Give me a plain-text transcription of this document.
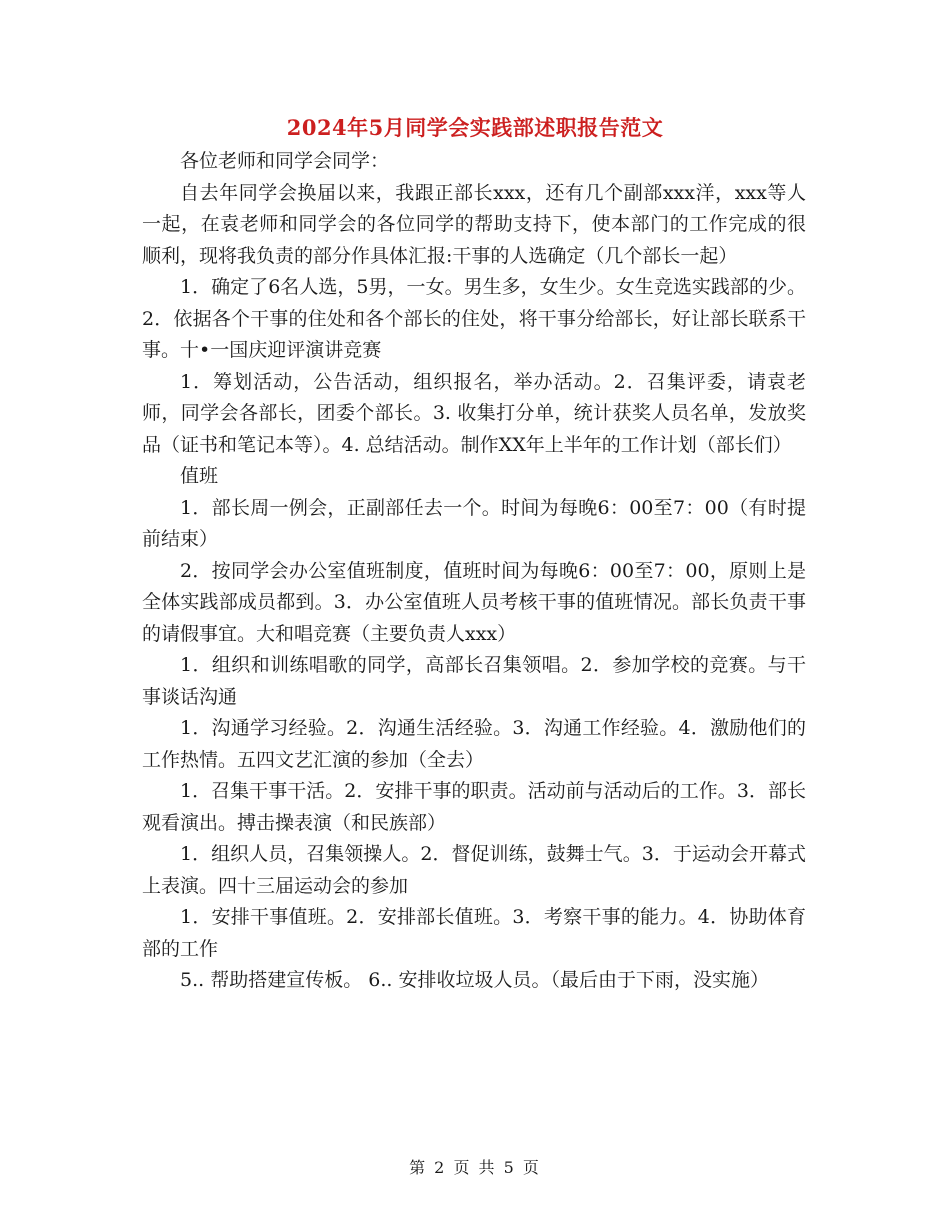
2024年5月同学会实践部述职报告范文

各位老师和同学会同学：

自去年同学会换届以来，我跟正部长xxx，还有几个副部xxx洋，xxx等人一起，在袁老师和同学会的各位同学的帮助支持下，使本部门的工作完成的很顺利，现将我负责的部分作具体汇报:干事的人选确定（几个部长一起）

1．确定了6名人选，5男，一女。男生多，女生少。女生竞选实践部的少。2．依据各个干事的住处和各个部长的住处，将干事分给部长，好让部长联系干事。十•一国庆迎评演讲竞赛

1．筹划活动，公告活动，组织报名，举办活动。2．召集评委，请袁老师，同学会各部长，团委个部长。3. 收集打分单，统计获奖人员名单，发放奖品（证书和笔记本等）。4. 总结活动。制作XX年上半年的工作计划（部长们）

值班

1．部长周一例会，正副部任去一个。时间为每晚6：00至7：00（有时提前结束）

2．按同学会办公室值班制度，值班时间为每晚6：00至7：00，原则上是全体实践部成员都到。3．办公室值班人员考核干事的值班情况。部长负责干事的请假事宜。大和唱竞赛（主要负责人xxx）

1．组织和训练唱歌的同学，高部长召集领唱。2．参加学校的竞赛。与干事谈话沟通

1．沟通学习经验。2．沟通生活经验。3．沟通工作经验。4．激励他们的工作热情。五四文艺汇演的参加（全去）

1．召集干事干活。2．安排干事的职责。活动前与活动后的工作。3．部长观看演出。搏击操表演（和民族部）

1．组织人员，召集领操人。2．督促训练，鼓舞士气。3．于运动会开幕式上表演。四十三届运动会的参加

1．安排干事值班。2．安排部长值班。3．考察干事的能力。4．协助体育部的工作

5.. 帮助搭建宣传板。 6.. 安排收垃圾人员。（最后由于下雨，没实施）

第 2 页 共 5 页
